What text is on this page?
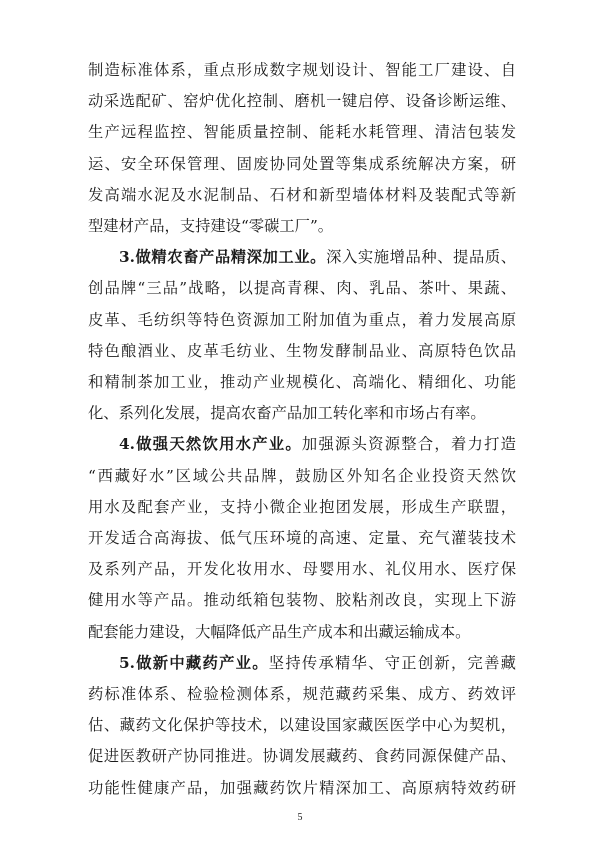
制造标准体系，重点形成数字规划设计、智能工厂建设、自
动采选配矿、窑炉优化控制、磨机一键启停、设备诊断运维、
生产远程监控、智能质量控制、能耗水耗管理、清洁包装发
运、安全环保管理、固废协同处置等集成系统解决方案，研
发高端水泥及水泥制品、石材和新型墙体材料及装配式等新
型建材产品，支持建设“零碳工厂”。
3.做精农畜产品精深加工业。深入实施增品种、提品质、
创品牌“三品”战略，以提高青稞、肉、乳品、茶叶、果蔬、
皮革、毛纺织等特色资源加工附加值为重点，着力发展高原
特色酿酒业、皮革毛纺业、生物发酵制品业、高原特色饮品
和精制茶加工业，推动产业规模化、高端化、精细化、功能
化、系列化发展，提高农畜产品加工转化率和市场占有率。
4.做强天然饮用水产业。加强源头资源整合，着力打造
“西藏好水”区域公共品牌，鼓励区外知名企业投资天然饮
用水及配套产业，支持小微企业抱团发展，形成生产联盟，
开发适合高海拔、低气压环境的高速、定量、充气灌装技术
及系列产品，开发化妆用水、母婴用水、礼仪用水、医疗保
健用水等产品。推动纸箱包装物、胶粘剂改良，实现上下游
配套能力建设，大幅降低产品生产成本和出藏运输成本。
5.做新中藏药产业。坚持传承精华、守正创新，完善藏
药标准体系、检验检测体系，规范藏药采集、成方、药效评
估、藏药文化保护等技术，以建设国家藏医医学中心为契机，
促进医教研产协同推进。协调发展藏药、食药同源保健产品、
5
功能性健康产品，加强藏药饮片精深加工、高原病特效药研
